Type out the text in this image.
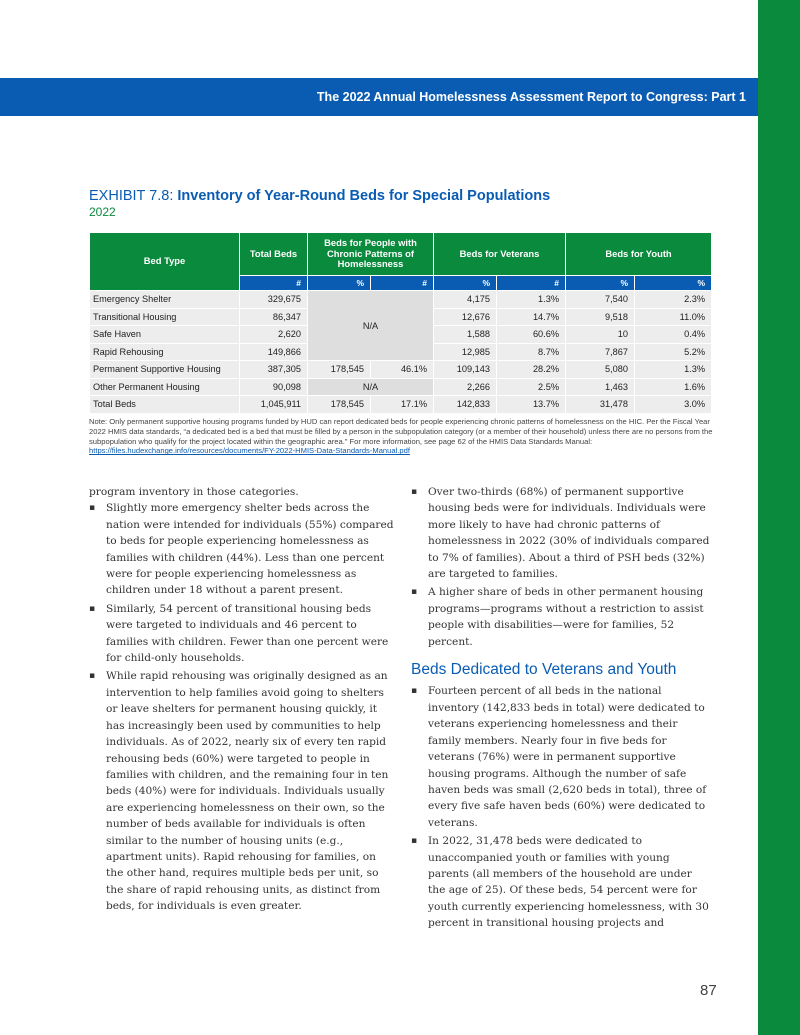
The 2022 Annual Homelessness Assessment Report to Congress: Part 1
EXHIBIT 7.8: Inventory of Year-Round Beds for Special Populations
2022
Bed Type	Total Beds	Beds for People with Chronic Patterns of Homelessness		Beds for Veterans		Beds for Youth	
	#	%	#	%	#	%	%
Emergency Shelter	329,675	N/A		4,175	1.3%	7,540	2.3%
Transitional Housing	86,347			12,676	14.7%	9,518	11.0%
Safe Haven	2,620			1,588	60.6%	10	0.4%
Rapid Rehousing	149,866			12,985	8.7%	7,867	5.2%
Permanent Supportive Housing	387,305	178,545	46.1%	109,143	28.2%	5,080	1.3%
Other Permanent Housing	90,098	N/A		2,266	2.5%	1,463	1.6%
Total Beds	1,045,911	178,545	17.1%	142,833	13.7%	31,478	3.0%
Note: Only permanent supportive housing programs funded by HUD can report dedicated beds for people experiencing chronic patterns of homelessness on the HIC. Per the Fiscal Year 2022 HMIS data standards, “a dedicated bed is a bed that must be filled by a person in the subpopulation category (or a member of their household) unless there are no persons from the subpopulation who qualify for the project located within the geographic area.” For more information, see page 62 of the HMIS Data Standards Manual: https://files.hudexchange.info/resources/documents/FY-2022-HMIS-Data-Standards-Manual.pdf

program inventory in those categories.

▪ Slightly more emergency shelter beds across the nation were intended for individuals (55%) compared to beds for people experiencing homelessness as families with children (44%). Less than one percent were for people experiencing homelessness as children under 18 without a parent present.
▪ Similarly, 54 percent of transitional housing beds were targeted to individuals and 46 percent to families with children. Fewer than one percent were for child-only households.
▪ While rapid rehousing was originally designed as an intervention to help families avoid going to shelters or leave shelters for permanent housing quickly, it has increasingly been used by communities to help individuals. As of 2022, nearly six of every ten rapid rehousing beds (60%) were targeted to people in families with children, and the remaining four in ten beds (40%) were for individuals. Individuals usually are experiencing homelessness on their own, so the number of beds available for individuals is often similar to the number of housing units (e.g., apartment units). Rapid rehousing for families, on the other hand, requires multiple beds per unit, so the share of rapid rehousing units, as distinct from beds, for individuals is even greater.
▪ Over two-thirds (68%) of permanent supportive housing beds were for individuals. Individuals were more likely to have had chronic patterns of homelessness in 2022 (30% of individuals compared to 7% of families). About a third of PSH beds (32%) are targeted to families.
▪ A higher share of beds in other permanent housing programs—programs without a restriction to assist people with disabilities—were for families, 52 percent.
Beds Dedicated to Veterans and Youth
▪ Fourteen percent of all beds in the national inventory (142,833 beds in total) were dedicated to veterans experiencing homelessness and their family members. Nearly four in five beds for veterans (76%) were in permanent supportive housing programs. Although the number of safe haven beds was small (2,620 beds in total), three of every five safe haven beds (60%) were dedicated to veterans.
▪ In 2022, 31,478 beds were dedicated to unaccompanied youth or families with young parents (all members of the household are under the age of 25). Of these beds, 54 percent were for youth currently experiencing homelessness, with 30 percent in transitional housing projects and
87
